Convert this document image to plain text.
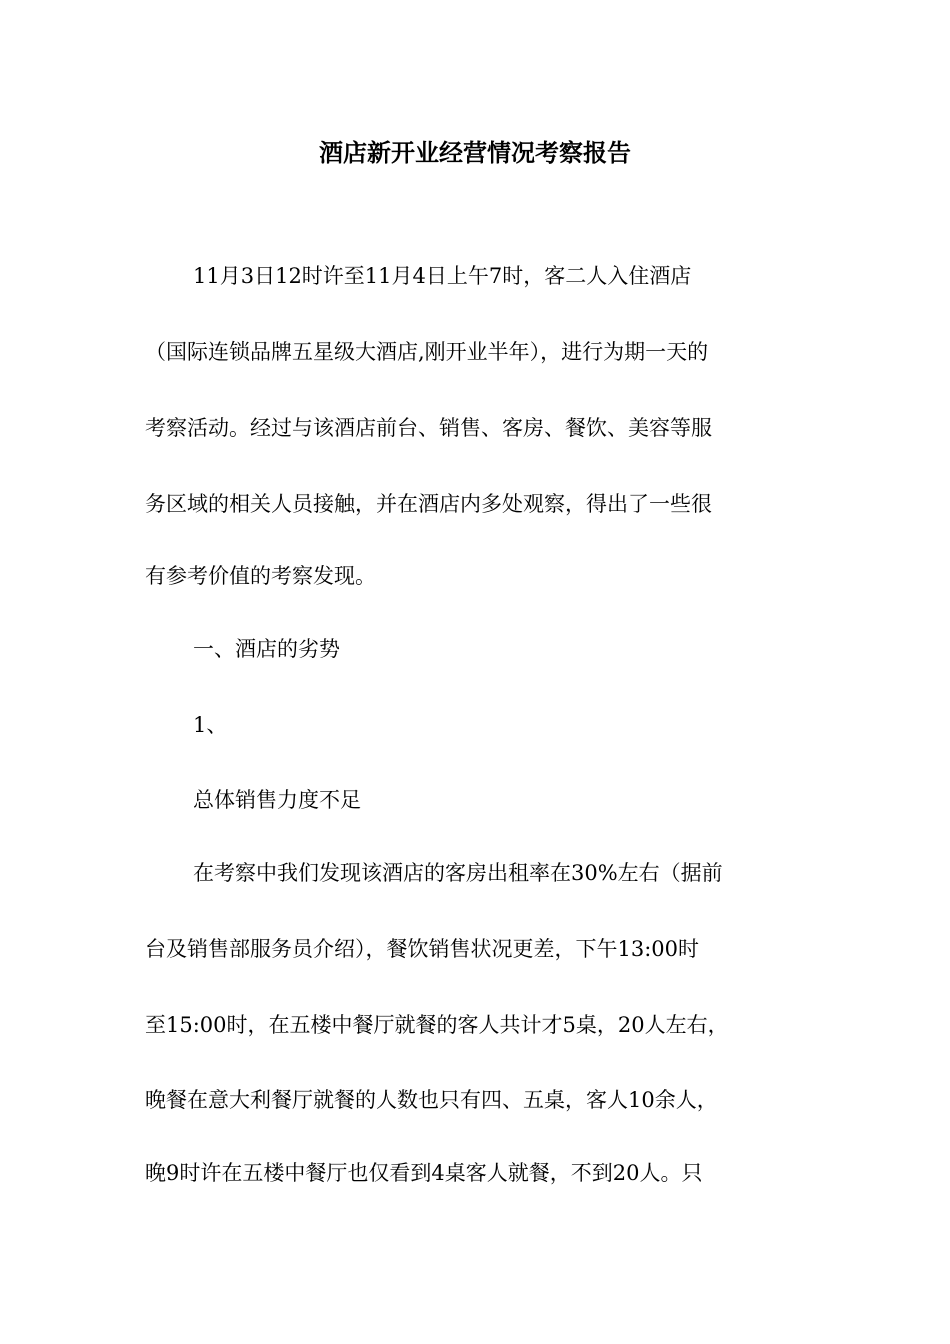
酒店新开业经营情况考察报告
11月3日12时许至11月4日上午7时，客二人入住酒店
（国际连锁品牌五星级大酒店,刚开业半年），进行为期一天的
考察活动。经过与该酒店前台、销售、客房、餐饮、美容等服
务区域的相关人员接触，并在酒店内多处观察，得出了一些很
有参考价值的考察发现。
一、酒店的劣势
1、
总体销售力度不足
在考察中我们发现该酒店的客房出租率在30%左右（据前
台及销售部服务员介绍），餐饮销售状况更差，下午13:00时
至15:00时，在五楼中餐厅就餐的客人共计才5桌，20人左右，
晚餐在意大利餐厅就餐的人数也只有四、五桌，客人10余人，
晚9时许在五楼中餐厅也仅看到4桌客人就餐，不到20人。只
